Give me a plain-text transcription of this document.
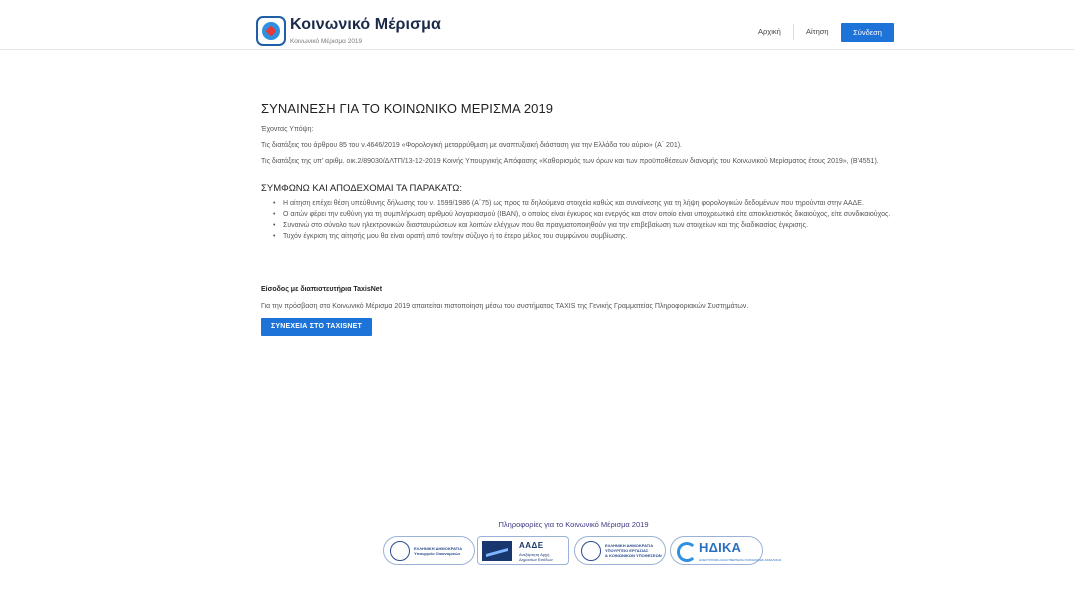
Κοινωνικό Μέρισμα
Κοινωνικό Μέρισμα 2019
Αρχική	Αίτηση	Σύνδεση
ΣΥΝΑΙΝΕΣΗ ΓΙΑ ΤΟ ΚΟΙΝΩΝΙΚΟ ΜΕΡΙΣΜΑ 2019
Έχοντας Υπόψη:
Τις διατάξεις του άρθρου 85 του ν.4646/2019 «Φορολογική μεταρρύθμιση με αναπτυξιακή διάσταση για την Ελλάδα του αύριο» (Α΄ 201).
Τις διατάξεις της υπ' αριθμ. οικ.2/89030/ΔΛΤΠ/13-12-2019 Κοινής Υπουργικής Απόφασης «Καθορισμός των όρων και των προϋποθέσεων διανομής του Κοινωνικού Μερίσματος έτους 2019», (Β'4551).
ΣΥΜΦΩΝΩ ΚΑΙ ΑΠΟΔΕΧΟΜΑΙ ΤΑ ΠΑΡΑΚΑΤΩ:
• Η αίτηση επέχει θέση υπεύθυνης δήλωσης του ν. 1599/1986 (Α΄75) ως προς τα δηλούμενα στοιχεία καθώς και συναίνεσης για τη λήψη φορολογικών δεδομένων που τηρούνται στην ΑΑΔΕ.
• Ο αιτών φέρει την ευθύνη για τη συμπλήρωση αριθμού λογαριασμού (IBAN), ο οποίος είναι έγκυρος και ενεργός και στον οποίο είναι υποχρεωτικά είτε αποκλειστικός δικαιούχος, είτε συνδικαιούχος.
• Συναινώ στο σύνολο των ηλεκτρονικών διασταυρώσεων και λοιπών ελέγχων που θα πραγματοποιηθούν για την επιβεβαίωση των στοιχείων και της διαδικασίας έγκρισης.
• Τυχόν έγκριση της αίτησής μου θα είναι ορατή από τον/την σύζυγο ή το έτερο μέλος του συμφώνου συμβίωσης.
Είσοδος με διαπιστευτήρια TaxisNet
Για την πρόσβαση στο Κοινωνικό Μέρισμα 2019 απαιτείται πιστοποίηση μέσω του συστήματος TAXIS της Γενικής Γραμματείας Πληροφοριακών Συστημάτων.
ΣΥΝΕΧΕΙΑ ΣΤΟ TAXISNET
Πληροφορίες για το Κοινωνικό Μέρισμα 2019
ΕΛΛΗΝΙΚΗ ΔΗΜΟΚΡΑΤΙΑ
Υπουργείο Οικονομικών
ΑΑΔΕ
Ανεξάρτητη Αρχή
Δημοσίων Εσόδων
ΕΛΛΗΝΙΚΗ ΔΗΜΟΚΡΑΤΙΑ
ΥΠΟΥΡΓΕΙΟ ΕΡΓΑΣΙΑΣ
& ΚΟΙΝΩΝΙΚΩΝ ΥΠΟΘΕΣΕΩΝ
ΗΔΙΚΑ
ΗΛΕΚΤΡΟΝΙΚΗ ΔΙΑΚΥΒΕΡΝΗΣΗ ΚΟΙΝΩΝΙΚΗΣ ΑΣΦΑΛΙΣΗΣ
